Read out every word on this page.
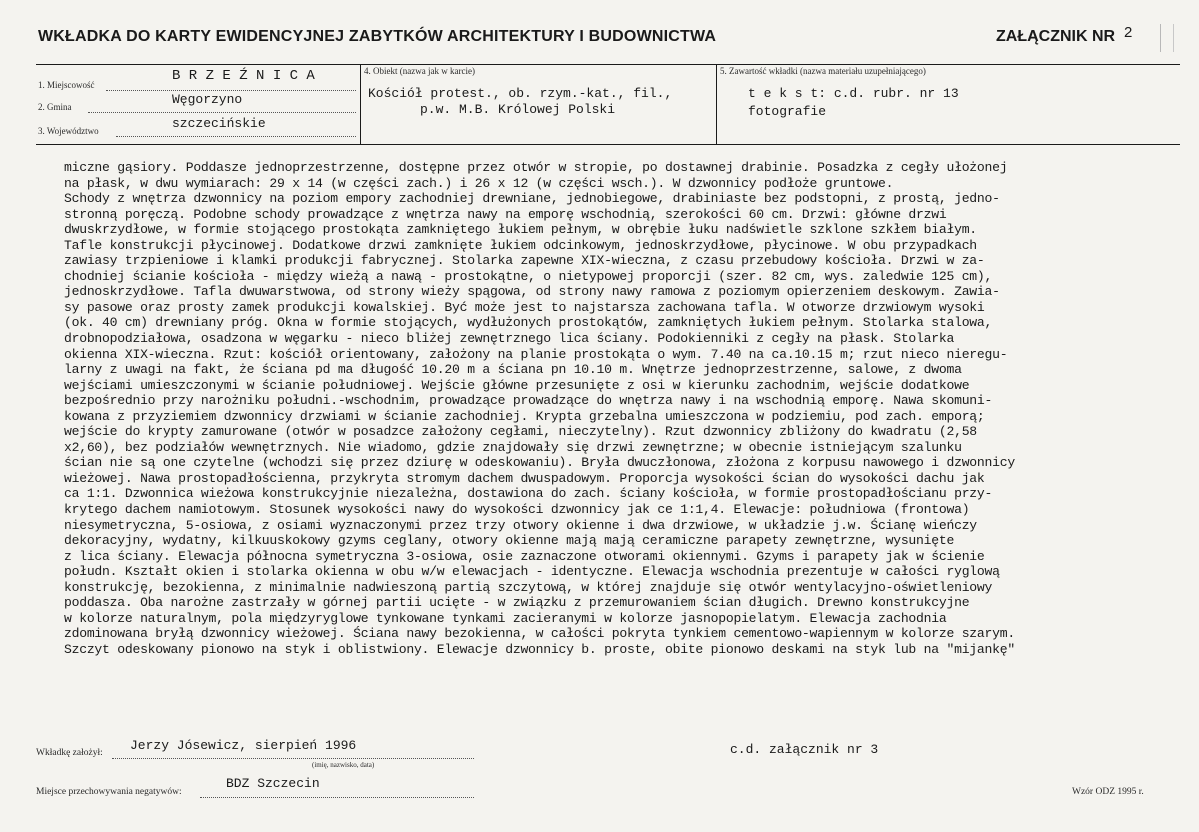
WKŁADKA DO KARTY EWIDENCYJNEJ ZABYTKÓW ARCHITEKTURY I BUDOWNICTWA	ZAŁĄCZNIK NR 2
1. Miejscowość
B R Z E Ź N I C A
2. Gmina	Węgorzyno
3. Województwo	szczecińskie
4. Obiekt (nazwa jak w karcie)
Kościół protest., ob. rzym.-kat., fil.,
p.w. M.B. Królowej Polski
5. Zawartość wkładki (nazwa materiału uzupełniającego)
t e k s t: c.d. rubr. nr 13
fotografie
miczne gąsiory. Poddasze jednoprzestrzenne, dostępne przez otwór w stropie, po dostawnej drabinie. Posadzka z cegły ułożonej
na płask, w dwu wymiarach: 29 x 14 (w części zach.) i 26 x 12 (w części wsch.). W dzwonnicy podłoże gruntowe.
Schody z wnętrza dzwonnicy na poziom empory zachodniej drewniane, jednobiegowe, drabiniaste bez podstopni, z prostą, jedno-
stronną poręczą. Podobne schody prowadzące z wnętrza nawy na emporę wschodnią, szerokości 60 cm. Drzwi: główne drzwi
dwuskrzydłowe, w formie stojącego prostokąta zamkniętego łukiem pełnym, w obrębie łuku nadświetle szklone szkłem białym.
Tafle konstrukcji płycinowej. Dodatkowe drzwi zamknięte łukiem odcinkowym, jednoskrzydłowe, płycinowe. W obu przypadkach
zawiasy trzpieniowe i klamki produkcji fabrycznej. Stolarka zapewne XIX-wieczna, z czasu przebudowy kościoła. Drzwi w za-
chodniej ścianie kościoła - między wieżą a nawą - prostokątne, o nietypowej proporcji (szer. 82 cm, wys. zaledwie 125 cm),
jednoskrzydłowe. Tafla dwuwarstwowa, od strony wieży spągowa, od strony nawy ramowa z poziomym opierzeniem deskowym. Zawia-
sy pasowe oraz prosty zamek produkcji kowalskiej. Być może jest to najstarsza zachowana tafla. W otworze drzwiowym wysoki
(ok. 40 cm) drewniany próg. Okna w formie stojących, wydłużonych prostokątów, zamkniętych łukiem pełnym. Stolarka stalowa,
drobnopodziałowa, osadzona w węgarku - nieco bliżej zewnętrznego lica ściany. Podokienniki z cegły na płask. Stolarka
okienna XIX-wieczna. Rzut: kościół orientowany, założony na planie prostokąta o wym. 7.40 na ca.10.15 m; rzut nieco nieregu-
larny z uwagi na fakt, że ściana pd ma długość 10.20 m a ściana pn 10.10 m. Wnętrze jednoprzestrzenne, salowe, z dwoma
wejściami umieszczonymi w ścianie południowej. Wejście główne przesunięte z osi w kierunku zachodnim, wejście dodatkowe
bezpośrednio przy narożniku południ.-wschodnim, prowadzące prowadzące do wnętrza nawy i na wschodnią emporę. Nawa skomuni-
kowana z przyziemiem dzwonnicy drzwiami w ścianie zachodniej. Krypta grzebalna umieszczona w podziemiu, pod zach. emporą;
wejście do krypty zamurowane (otwór w posadzce założony cegłami, nieczytelny). Rzut dzwonnicy zbliżony do kwadratu (2,58
x2,60), bez podziałów wewnętrznych. Nie wiadomo, gdzie znajdowały się drzwi zewnętrzne; w obecnie istniejącym szalunku
ścian nie są one czytelne (wchodzi się przez dziurę w odeskowaniu). Bryła dwuczłonowa, złożona z korpusu nawowego i dzwonnicy
wieżowej. Nawa prostopadłościenna, przykryta stromym dachem dwuspadowym. Proporcja wysokości ścian do wysokości dachu jak
ca 1:1. Dzwonnica wieżowa konstrukcyjnie niezależna, dostawiona do zach. ściany kościoła, w formie prostopadłościanu przy-
krytego dachem namiotowym. Stosunek wysokości nawy do wysokości dzwonnicy jak ce 1:1,4. Elewacje: południowa (frontowa)
niesymetryczna, 5-osiowa, z osiami wyznaczonymi przez trzy otwory okienne i dwa drzwiowe, w układzie j.w. Ścianę wieńczy
dekoracyjny, wydatny, kilkuuskokowy gzyms ceglany, otwory okienne mają mają ceramiczne parapety zewnętrzne, wysunięte
z lica ściany. Elewacja północna symetryczna 3-osiowa, osie zaznaczone otworami okiennymi. Gzyms i parapety jak w ścienie
połudn. Kształt okien i stolarka okienna w obu w/w elewacjach - identyczne. Elewacja wschodnia prezentuje w całości ryglową
konstrukcję, bezokienna, z minimalnie nadwieszoną partią szczytową, w której znajduje się otwór wentylacyjno-oświetleniowy
poddasza. Oba narożne zastrzały w górnej partii ucięte - w związku z przemurowaniem ścian długich. Drewno konstrukcyjne
w kolorze naturalnym, pola międzyryglowe tynkowane tynkami zacieranymi w kolorze jasnopopielatym. Elewacja zachodnia
zdominowana bryłą dzwonnicy wieżowej. Ściana nawy bezokienna, w całości pokryta tynkiem cementowo-wapiennym w kolorze szarym.
Szczyt odeskowany pionowo na styk i oblistwiony. Elewacje dzwonnicy b. proste, obite pionowo deskami na styk lub na "mijankę"
Wkładkę założył: Jerzy Jósewicz, sierpień 1996
(imię, nazwisko, data)
c.d. załącznik nr 3
Miejsce przechowywania negatywów:
BDZ Szczecin
Wzór ODZ 1995 r.
